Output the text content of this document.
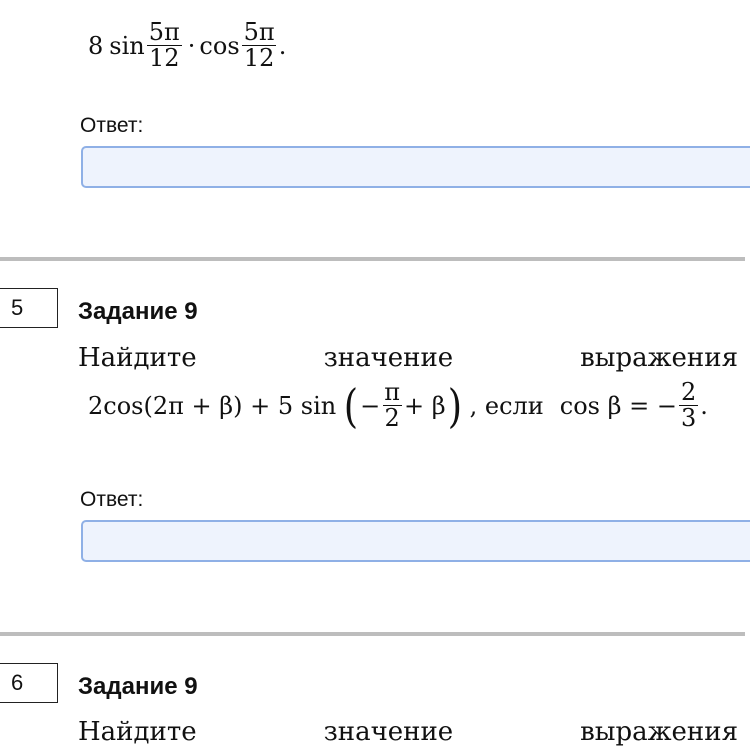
8 $\sin \frac{5\pi}{12} \cdot \cos \frac{5\pi}{12}$ .
Ответ:
5	Задание 9
Найдите	значение	выражения
2cos(2π + β) + 5 sin ( − $\frac{\pi}{2} + \beta$ ) , если cos β = − $\frac{2}{3}$ .
Ответ:
6	Задание 9
Найдите	значение	выражения
